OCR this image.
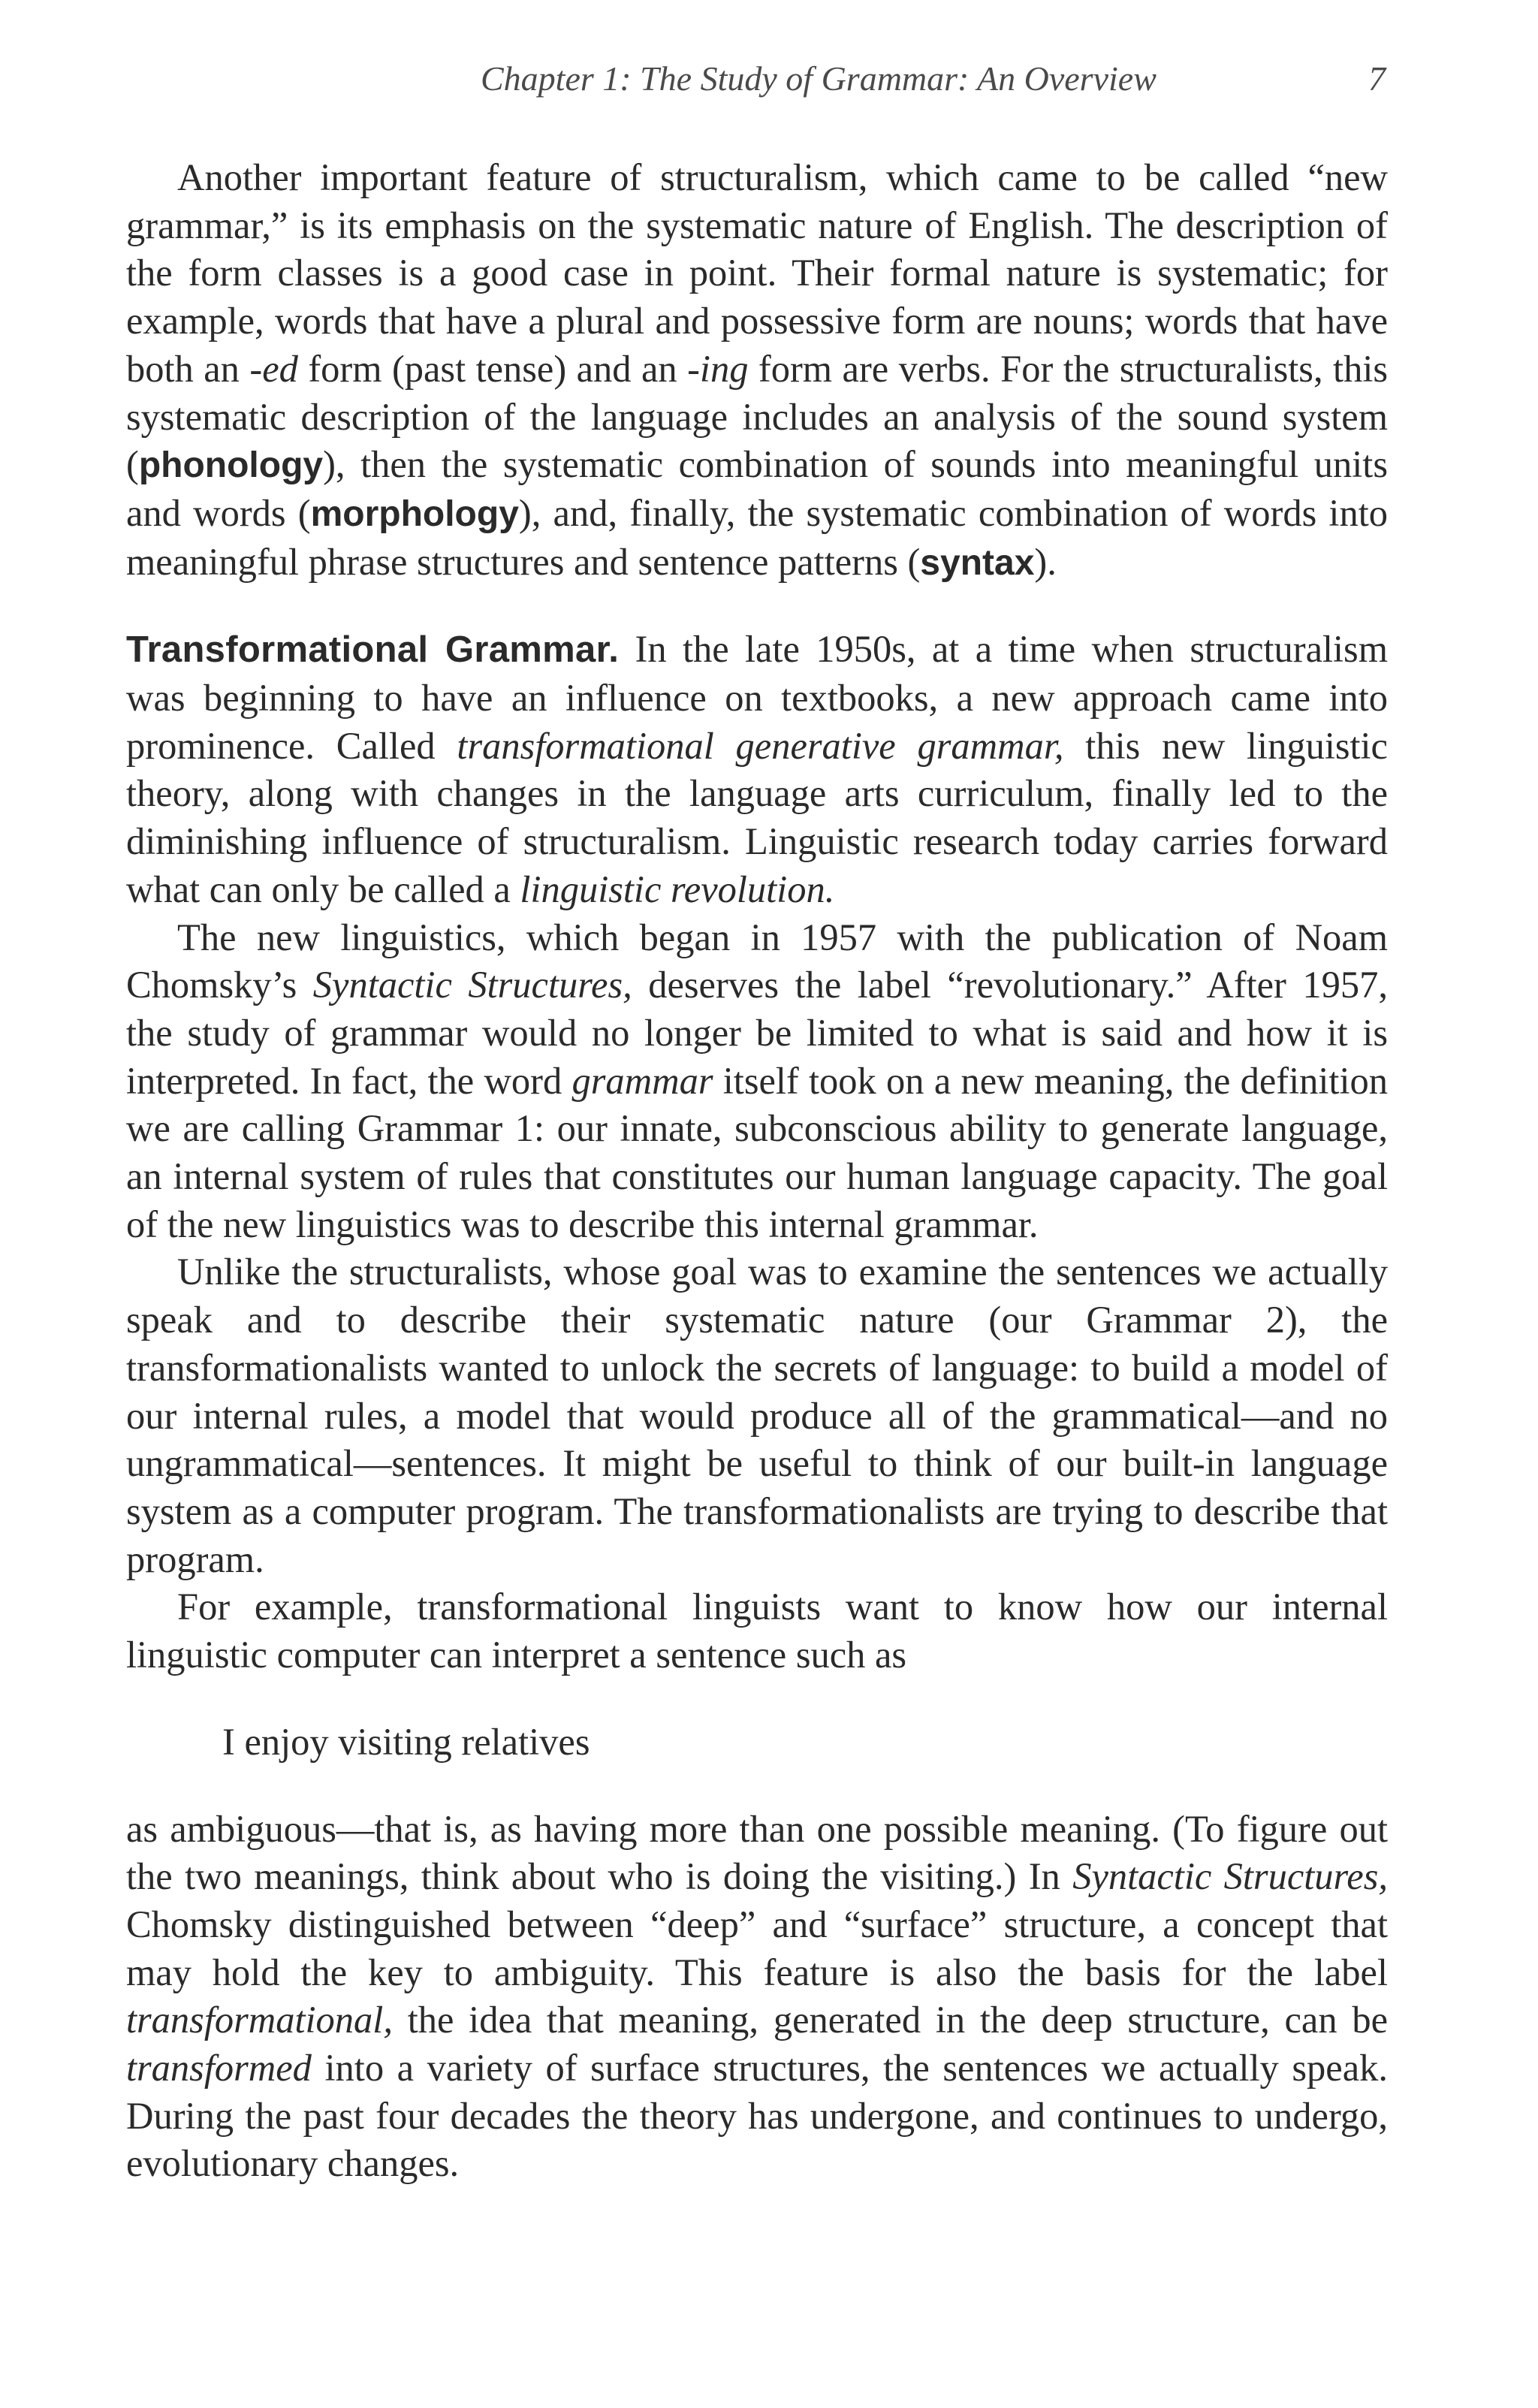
Chapter 1: The Study of Grammar: An Overview	7

Another important feature of structuralism, which came to be called “new grammar,” is its emphasis on the systematic nature of English. The description of the form classes is a good case in point. Their formal nature is systematic; for example, words that have a plural and possessive form are nouns; words that have both an -ed form (past tense) and an -ing form are verbs. For the structuralists, this systematic description of the language includes an analysis of the sound system (phonology), then the systematic combination of sounds into meaningful units and words (morphology), and, finally, the systematic combination of words into meaningful phrase structures and sentence patterns (syntax).

Transformational Grammar. In the late 1950s, at a time when structuralism was beginning to have an influence on textbooks, a new approach came into prominence. Called transformational generative grammar, this new linguistic theory, along with changes in the language arts curriculum, finally led to the diminishing influence of structuralism. Linguistic research today carries forward what can only be called a linguistic revolution.

The new linguistics, which began in 1957 with the publication of Noam Chomsky’s Syntactic Structures, deserves the label “revolutionary.” After 1957, the study of grammar would no longer be limited to what is said and how it is interpreted. In fact, the word grammar itself took on a new meaning, the definition we are calling Grammar 1: our innate, subconscious ability to generate language, an internal system of rules that constitutes our human language capacity. The goal of the new linguistics was to describe this internal grammar.

Unlike the structuralists, whose goal was to examine the sentences we actually speak and to describe their systematic nature (our Grammar 2), the transformationalists wanted to unlock the secrets of language: to build a model of our internal rules, a model that would produce all of the grammatical—and no ungrammatical—sentences. It might be useful to think of our built-in language system as a computer program. The transformationalists are trying to describe that program.

For example, transformational linguists want to know how our internal linguistic computer can interpret a sentence such as

I enjoy visiting relatives

as ambiguous—that is, as having more than one possible meaning. (To figure out the two meanings, think about who is doing the visiting.) In Syntactic Structures, Chomsky distinguished between “deep” and “surface” structure, a concept that may hold the key to ambiguity. This feature is also the basis for the label transformational, the idea that meaning, generated in the deep structure, can be transformed into a variety of surface structures, the sentences we actually speak. During the past four decades the theory has undergone, and continues to undergo, evolutionary changes.
